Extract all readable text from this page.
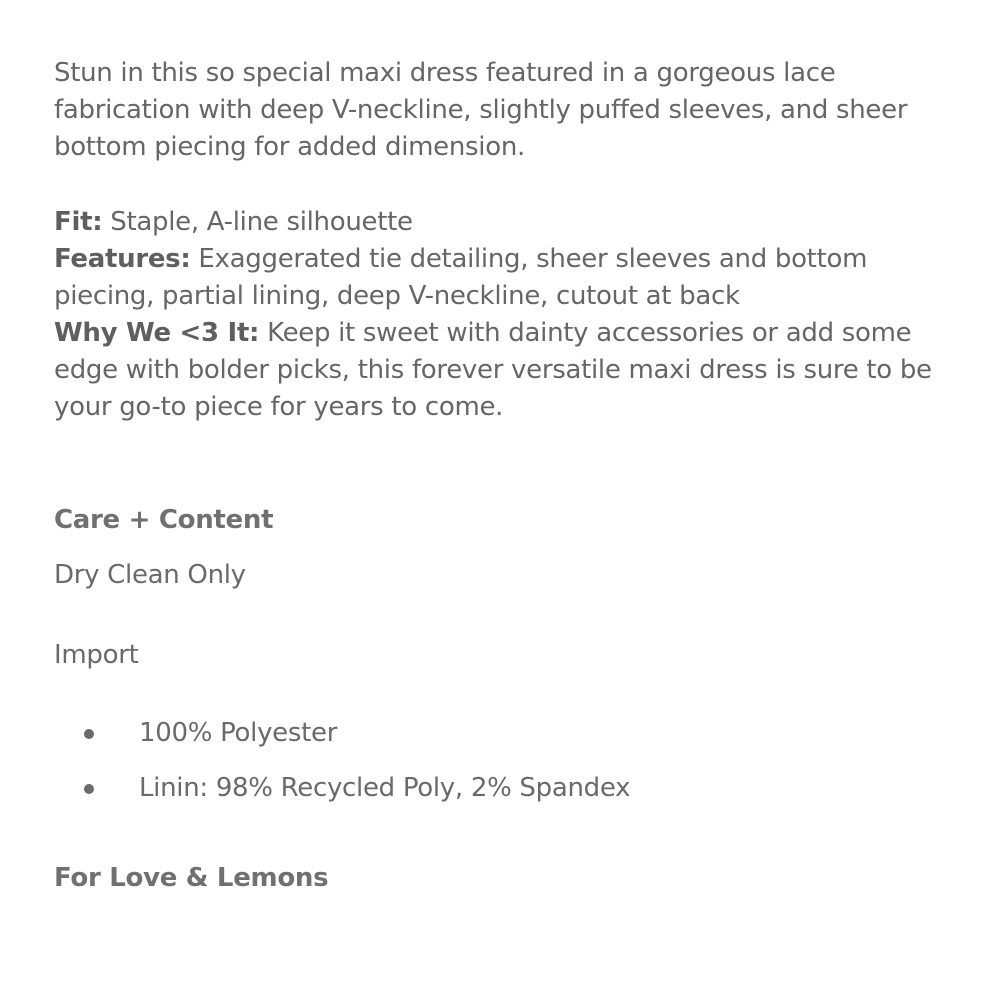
Stun in this so special maxi dress featured in a gorgeous lace fabrication with deep V-neckline, slightly puffed sleeves, and sheer bottom piecing for added dimension.

Fit: Staple, A-line silhouette

Features: Exaggerated tie detailing, sheer sleeves and bottom piecing, partial lining, deep V-neckline, cutout at back

Why We <3 It: Keep it sweet with dainty accessories or add some edge with bolder picks, this forever versatile maxi dress is sure to be your go-to piece for years to come.

Care + Content

Dry Clean Only

Import

100% Polyester
Linin: 98% Recycled Poly, 2% Spandex
For Love & Lemons
